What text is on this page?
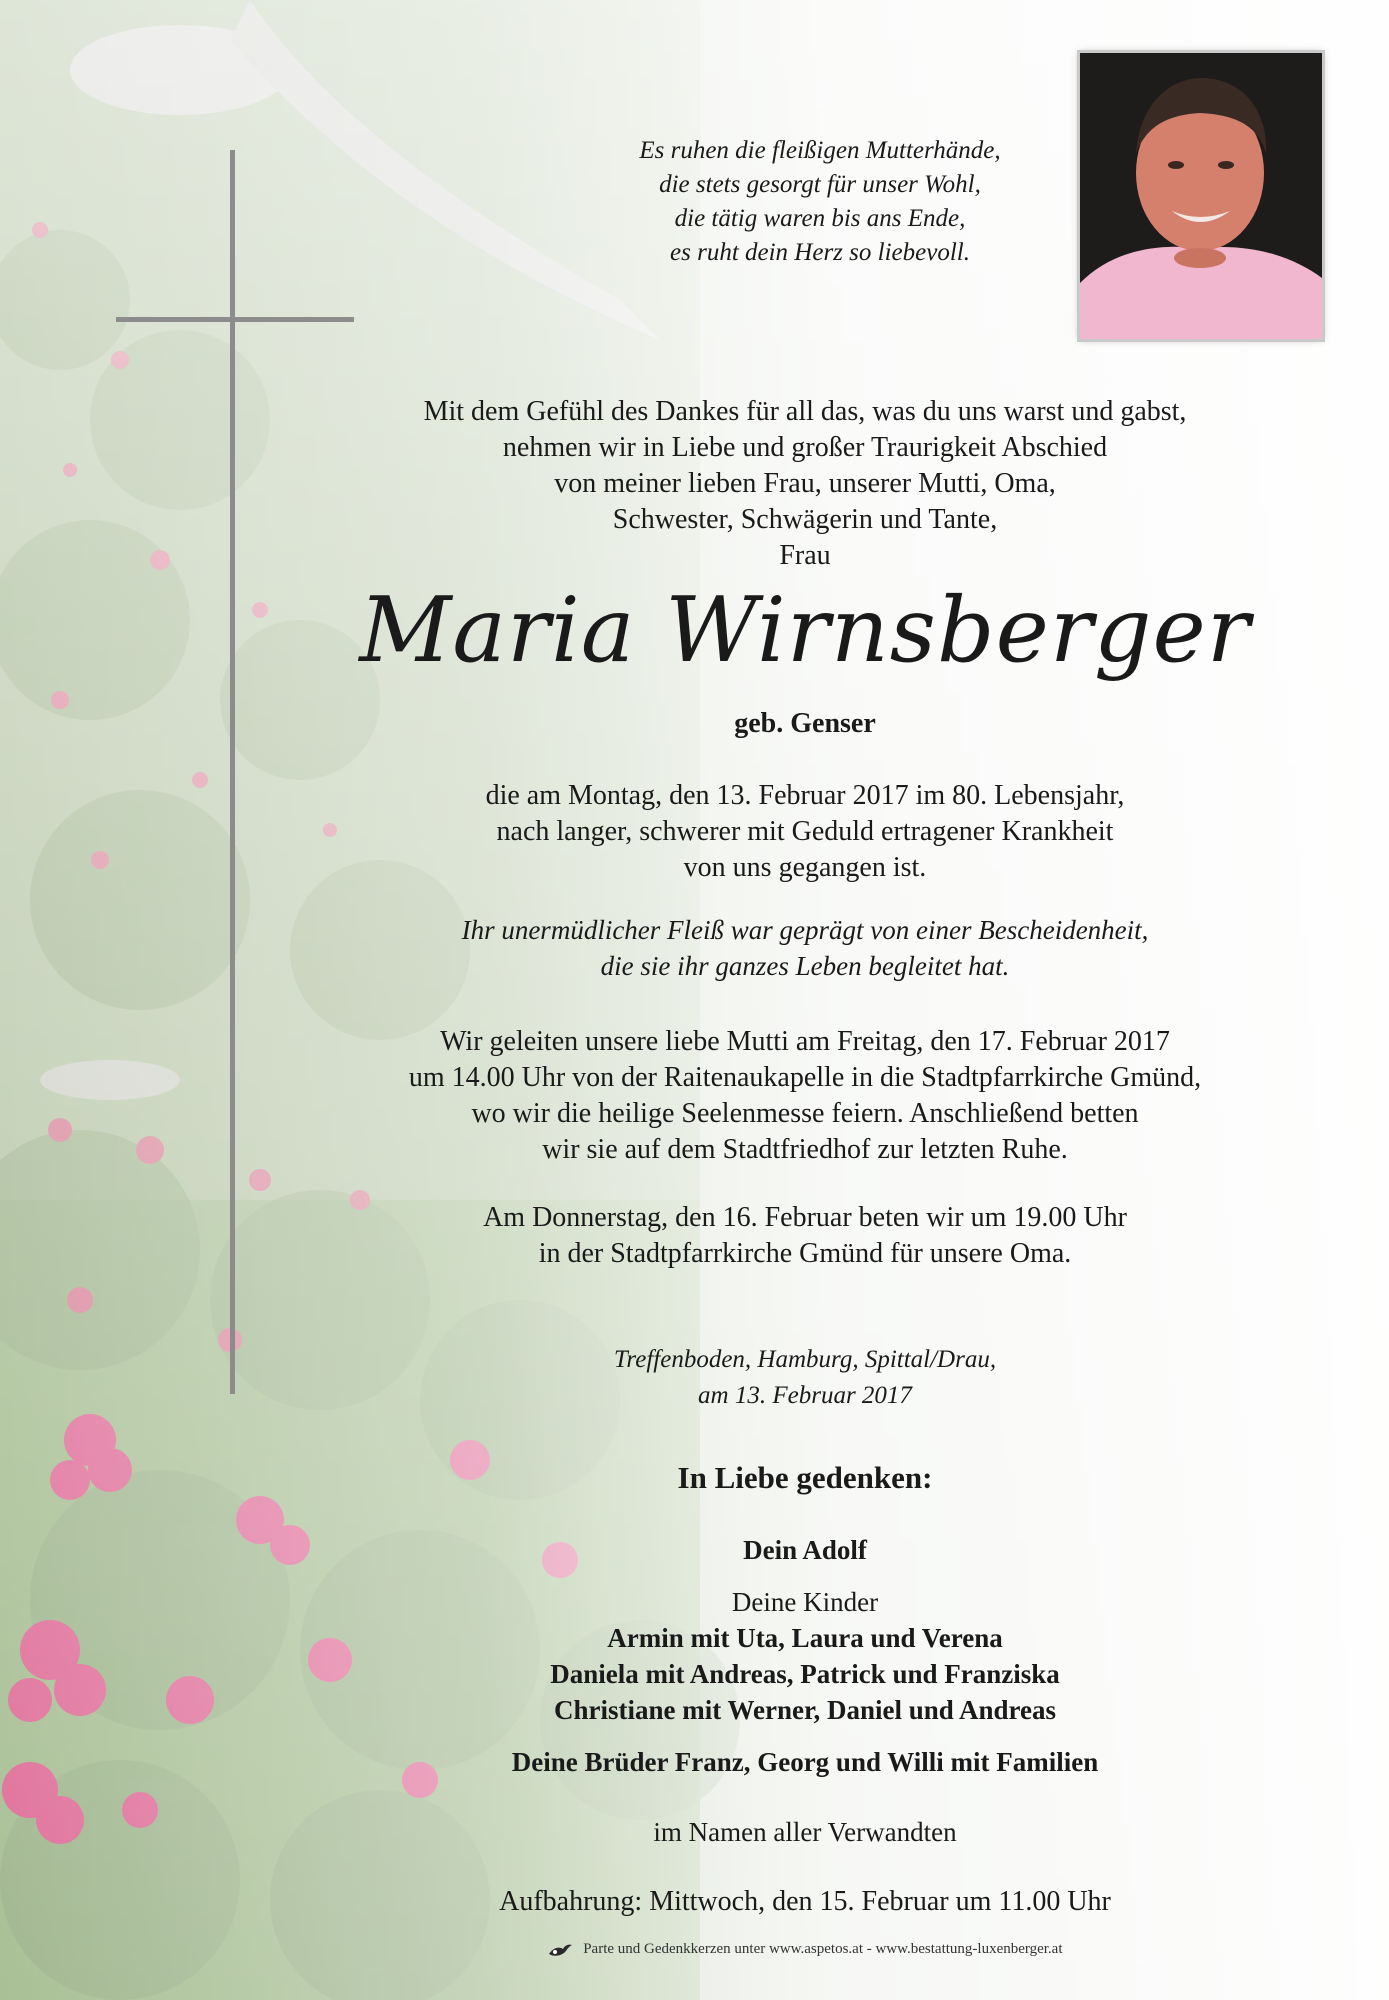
Es ruhen die fleißigen Mutterhände,
die stets gesorgt für unser Wohl,
die tätig waren bis ans Ende,
es ruht dein Herz so liebevoll.
Mit dem Gefühl des Dankes für all das, was du uns warst und gabst,
nehmen wir in Liebe und großer Traurigkeit Abschied
von meiner lieben Frau, unserer Mutti, Oma,
Schwester, Schwägerin und Tante,
Frau
Maria Wirnsberger
geb. Genser
die am Montag, den 13. Februar 2017 im 80. Lebensjahr,
nach langer, schwerer mit Geduld ertragener Krankheit
von uns gegangen ist.
Ihr unermüdlicher Fleiß war geprägt von einer Bescheidenheit,
die sie ihr ganzes Leben begleitet hat.
Wir geleiten unsere liebe Mutti am Freitag, den 17. Februar 2017
um 14.00 Uhr von der Raitenaukapelle in die Stadtpfarrkirche Gmünd,
wo wir die heilige Seelenmesse feiern. Anschließend betten
wir sie auf dem Stadtfriedhof zur letzten Ruhe.
Am Donnerstag, den 16. Februar beten wir um 19.00 Uhr
in der Stadtpfarrkirche Gmünd für unsere Oma.
Treffenboden, Hamburg, Spittal/Drau,
am 13. Februar 2017
In Liebe gedenken:
Dein Adolf
Deine Kinder
Armin mit Uta, Laura und Verena
Daniela mit Andreas, Patrick und Franziska
Christiane mit Werner, Daniel und Andreas
Deine Brüder Franz, Georg und Willi mit Familien
im Namen aller Verwandten
Aufbahrung: Mittwoch, den 15. Februar um 11.00 Uhr
Parte und Gedenkkerzen unter www.aspetos.at - www.bestattung-luxenberger.at
